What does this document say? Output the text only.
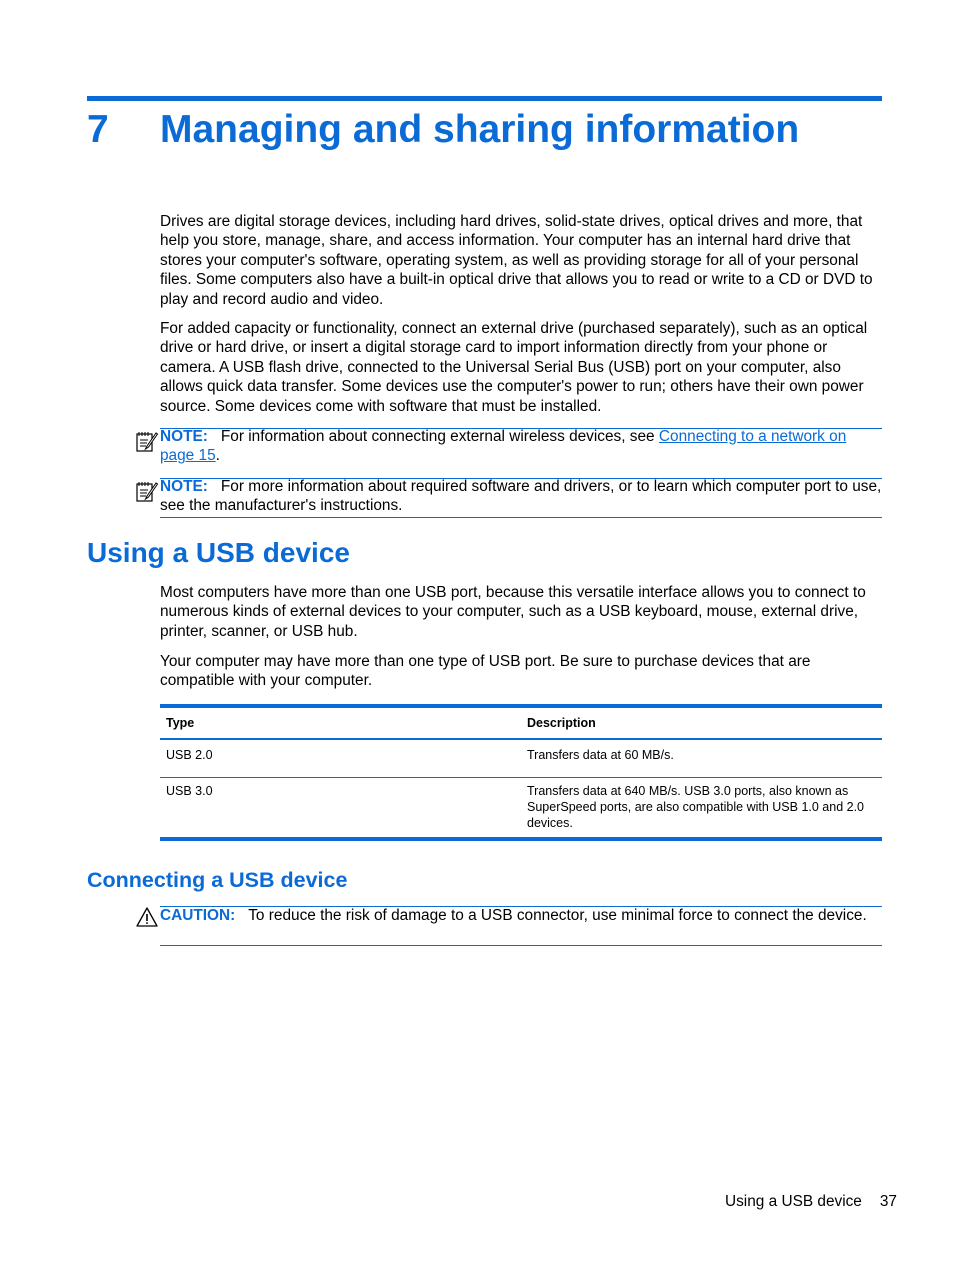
7 Managing and sharing information
Drives are digital storage devices, including hard drives, solid-state drives, optical drives and more, that help you store, manage, share, and access information. Your computer has an internal hard drive that stores your computer's software, operating system, as well as providing storage for all of your personal files. Some computers also have a built-in optical drive that allows you to read or write to a CD or DVD to play and record audio and video.
For added capacity or functionality, connect an external drive (purchased separately), such as an optical drive or hard drive, or insert a digital storage card to import information directly from your phone or camera. A USB flash drive, connected to the Universal Serial Bus (USB) port on your computer, also allows quick data transfer. Some devices use the computer's power to run; others have their own power source. Some devices come with software that must be installed.
NOTE: For information about connecting external wireless devices, see Connecting to a network on page 15.
NOTE: For more information about required software and drivers, or to learn which computer port to use, see the manufacturer's instructions.
Using a USB device
Most computers have more than one USB port, because this versatile interface allows you to connect to numerous kinds of external devices to your computer, such as a USB keyboard, mouse, external drive, printer, scanner, or USB hub.
Your computer may have more than one type of USB port. Be sure to purchase devices that are compatible with your computer.
Type	Description
USB 2.0	Transfers data at 60 MB/s.
USB 3.0	Transfers data at 640 MB/s. USB 3.0 ports, also known as SuperSpeed ports, are also compatible with USB 1.0 and 2.0 devices.
Connecting a USB device
CAUTION: To reduce the risk of damage to a USB connector, use minimal force to connect the device.
Using a USB device 37
